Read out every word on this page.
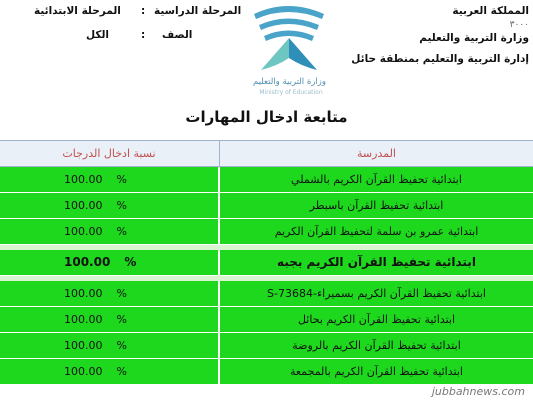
المرحلة الابتدائية : المرحلة الدراسية
الكل	: الصف
المملكة العربية
٣٠٠٠
وزارة التربية والتعليم
إدارة التربية والتعليم بمنطقة حائل
وزارة التربية والتعليم
Ministry of Education
متابعة ادخال المهارات
نسبة ادخال الدرجات	المدرسة
100.00 %	ابتدائية تحفيظ القرآن الكريم بالشملي
100.00 %	ابتدائية تحفيظ القرآن باسبطر
100.00 %	ابتدائية عمرو بن سلمة لتحفيظ القرآن الكريم
100.00 %	ابتدائية تحفيظ القرآن الكريم بجبه
100.00 %	ابتدائية تحفيظ القرآن الكريم بسميراء-S-73684
100.00 %	ابتدائية تحفيظ القرآن الكريم بحائل
100.00 %	ابتدائية تحفيظ القرآن الكريم بالروضة
100.00 %	ابتدائية تحفيظ القرآن الكريم بالمجمعة
jubbahnews.com
